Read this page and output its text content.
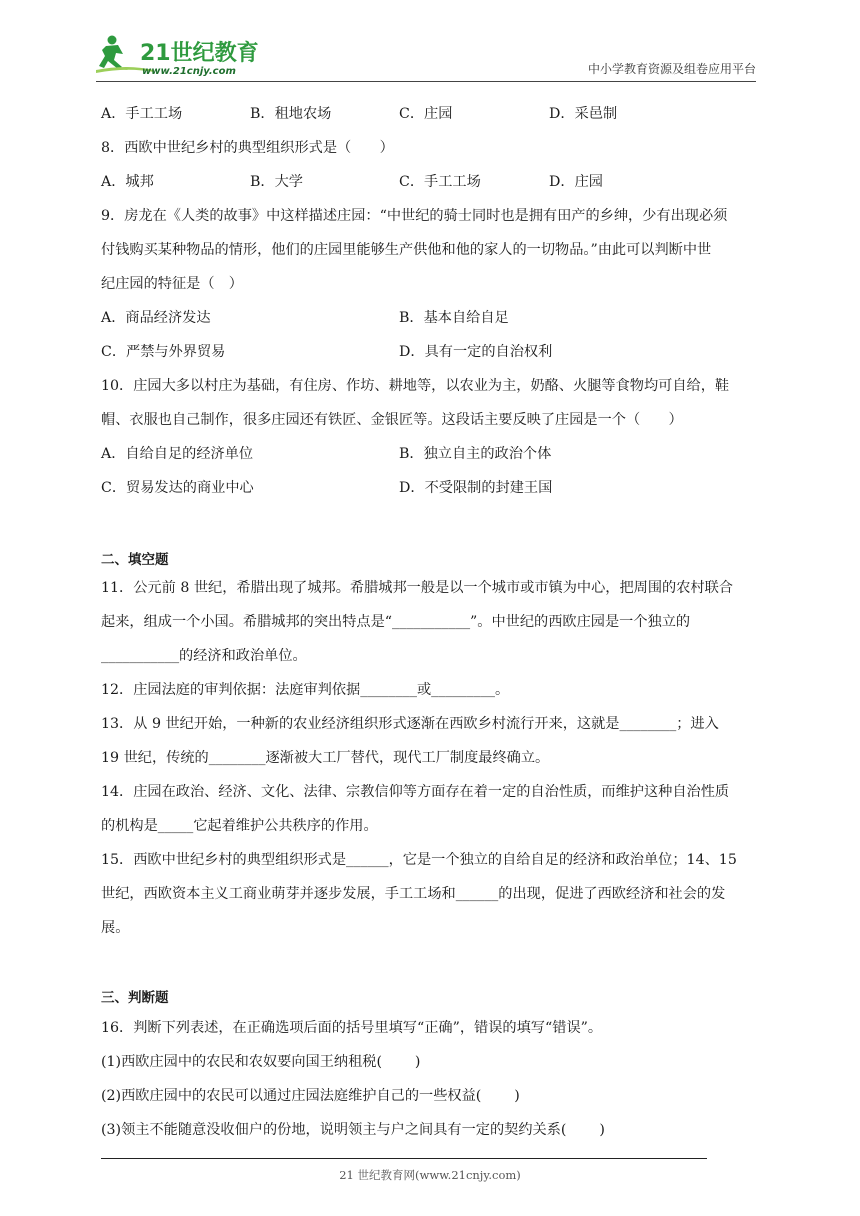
21世纪教育
www.21cnjy.com	中小学教育资源及组卷应用平台
A．手工工场	B．租地农场	C．庄园	D．采邑制
8．西欧中世纪乡村的典型组织形式是（　　）
A．城邦	B．大学	C．手工工场	D．庄园
9．房龙在《人类的故事》中这样描述庄园：“中世纪的骑士同时也是拥有田产的乡绅，少有出现必须
付钱购买某种物品的情形，他们的庄园里能够生产供他和他的家人的一切物品。”由此可以判断中世
纪庄园的特征是（　）
A．商品经济发达	B．基本自给自足
C．严禁与外界贸易	D．具有一定的自治权利
10．庄园大多以村庄为基础，有住房、作坊、耕地等，以农业为主，奶酪、火腿等食物均可自给，鞋
帽、衣服也自己制作，很多庄园还有铁匠、金银匠等。这段话主要反映了庄园是一个（　　）
A．自给自足的经济单位	B．独立自主的政治个体
C．贸易发达的商业中心	D．不受限制的封建王国
二、填空题
11．公元前 8 世纪，希腊出现了城邦。希腊城邦一般是以一个城市或市镇为中心，把周围的农村联合
起来，组成一个小国。希腊城邦的突出特点是“___________”。中世纪的西欧庄园是一个独立的
___________的经济和政治单位。
12．庄园法庭的审判依据：法庭审判依据________或_________。
13．从 9 世纪开始，一种新的农业经济组织形式逐渐在西欧乡村流行开来，这就是________；进入
19 世纪，传统的________逐渐被大工厂替代，现代工厂制度最终确立。
14．庄园在政治、经济、文化、法律、宗教信仰等方面存在着一定的自治性质，而维护这种自治性质
的机构是_____它起着维护公共秩序的作用。
15．西欧中世纪乡村的典型组织形式是______，它是一个独立的自给自足的经济和政治单位；14、15
世纪，西欧资本主义工商业萌芽并逐步发展，手工工场和______的出现，促进了西欧经济和社会的发
展。
三、判断题
16．判断下列表述，在正确选项后面的括号里填写“正确”，错误的填写“错误”。
(1)西欧庄园中的农民和农奴要向国王纳租税(　　 )
(2)西欧庄园中的农民可以通过庄园法庭维护自己的一些权益(　　 )
(3)领主不能随意没收佃户的份地，说明领主与户之间具有一定的契约关系(　　 )
21 世纪教育网(www.21cnjy.com)
